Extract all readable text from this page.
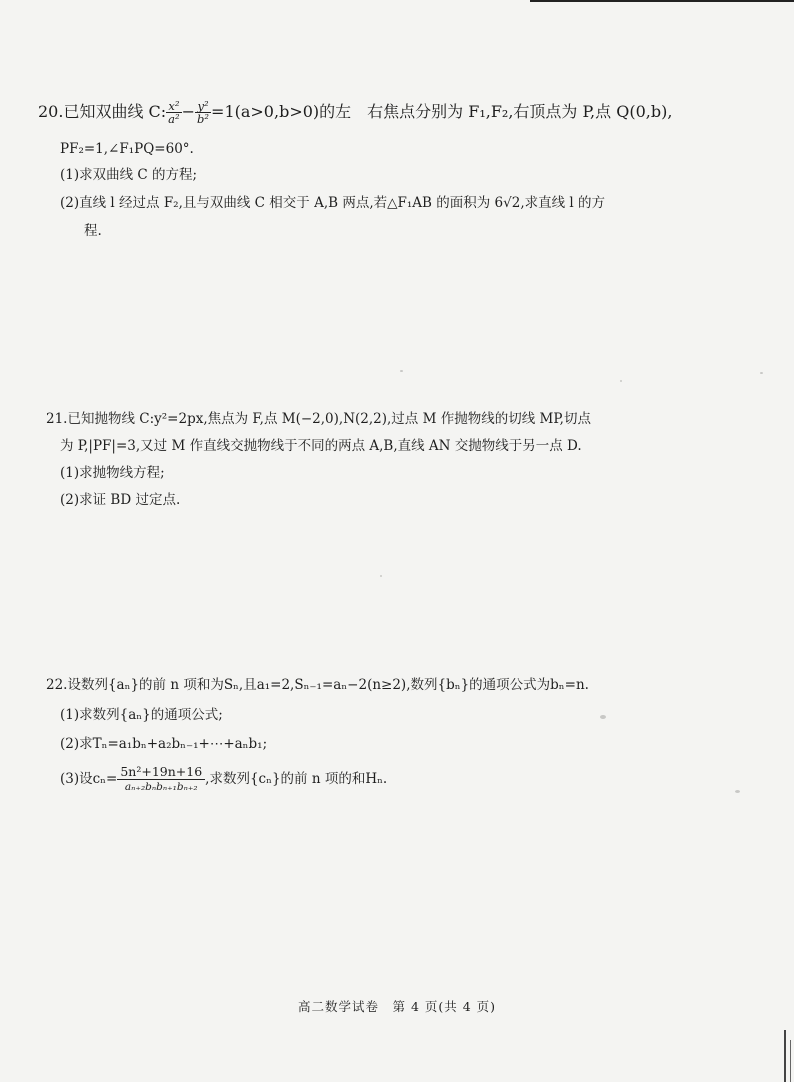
20.已知双曲线 C: $\frac{\text{x²}}{\text{a²}} - \frac{\text{y²}}{\text{b²}} =1(a>0,b>0)$的左　右焦点分别为 F₁,F₂,右顶点为 P,点 Q(0,b),
PF₂=1,∠F₁PQ=60°.
(1)求双曲线 C 的方程;
(2)直线 l 经过点 F₂,且与双曲线 C 相交于 A,B 两点,若△F₁AB 的面积为 6√2,求直线 l 的方
程.
21.已知抛物线 C:y²=2px,焦点为 F,点 M(−2,0),N(2,2),过点 M 作抛物线的切线 MP,切点
为 P,|PF|=3,又过 M 作直线交抛物线于不同的两点 A,B,直线 AN 交抛物线于另一点 D.
(1)求抛物线方程;
(2)求证 BD 过定点.
22.设数列{aₙ}的前 n 项和为Sₙ,且a₁=2,Sₙ₋₁=aₙ−2(n≥2),数列{bₙ}的通项公式为bₙ=n.
(1)求数列{aₙ}的通项公式;
(2)求Tₙ=a₁bₙ+a₂bₙ₋₁+⋯+aₙb₁;
(3)设$c_n= \frac{\text{5n²+19n+16}}{\text{aₙ₊₂bₙbₙ₊₁bₙ₊₂}}$ ,求数列{cₙ}的前 n 项的和Hₙ.
高二数学试卷　第 4 页(共 4 页)
